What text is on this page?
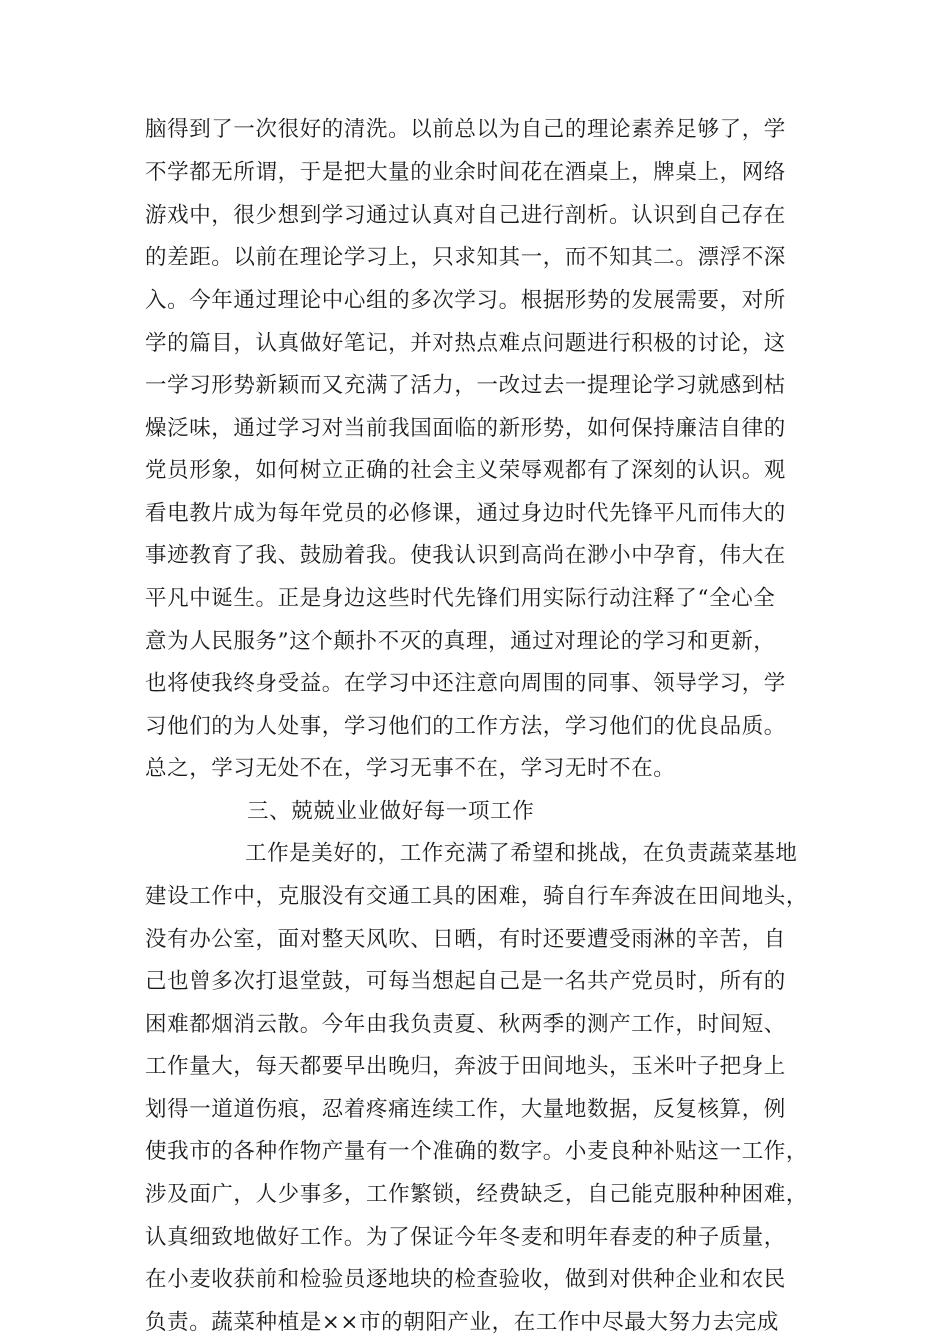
脑得到了一次很好的清洗。以前总以为自己的理论素养足够了，学
不学都无所谓，于是把大量的业余时间花在酒桌上，牌桌上，网络
游戏中，很少想到学习通过认真对自己进行剖析。认识到自己存在
的差距。以前在理论学习上，只求知其一，而不知其二。漂浮不深
入。今年通过理论中心组的多次学习。根据形势的发展需要，对所
学的篇目，认真做好笔记，并对热点难点问题进行积极的讨论，这
一学习形势新颖而又充满了活力，一改过去一提理论学习就感到枯
燥泛味，通过学习对当前我国面临的新形势，如何保持廉洁自律的
党员形象，如何树立正确的社会主义荣辱观都有了深刻的认识。观
看电教片成为每年党员的必修课，通过身边时代先锋平凡而伟大的
事迹教育了我、鼓励着我。使我认识到高尚在渺小中孕育，伟大在
平凡中诞生。正是身边这些时代先锋们用实际行动注释了“全心全
意为人民服务”这个颠扑不灭的真理，通过对理论的学习和更新，
也将使我终身受益。在学习中还注意向周围的同事、领导学习，学
习他们的为人处事，学习他们的工作方法，学习他们的优良品质。
总之，学习无处不在，学习无事不在，学习无时不在。
三、兢兢业业做好每一项工作
工作是美好的，工作充满了希望和挑战，在负责蔬菜基地
建设工作中，克服没有交通工具的困难，骑自行车奔波在田间地头，
没有办公室，面对整天风吹、日晒，有时还要遭受雨淋的辛苦，自
己也曾多次打退堂鼓，可每当想起自己是一名共产党员时，所有的
困难都烟消云散。今年由我负责夏、秋两季的测产工作，时间短、
工作量大，每天都要早出晚归，奔波于田间地头，玉米叶子把身上
划得一道道伤痕，忍着疼痛连续工作，大量地数据，反复核算，例
使我市的各种作物产量有一个准确的数字。小麦良种补贴这一工作，
涉及面广，人少事多，工作繁锁，经费缺乏，自己能克服种种困难，
认真细致地做好工作。为了保证今年冬麦和明年春麦的种子质量，
在小麦收获前和检验员逐地块的检查验收，做到对供种企业和农民
负责。蔬菜种植是××市的朝阳产业，在工作中尽最大努力去完成
